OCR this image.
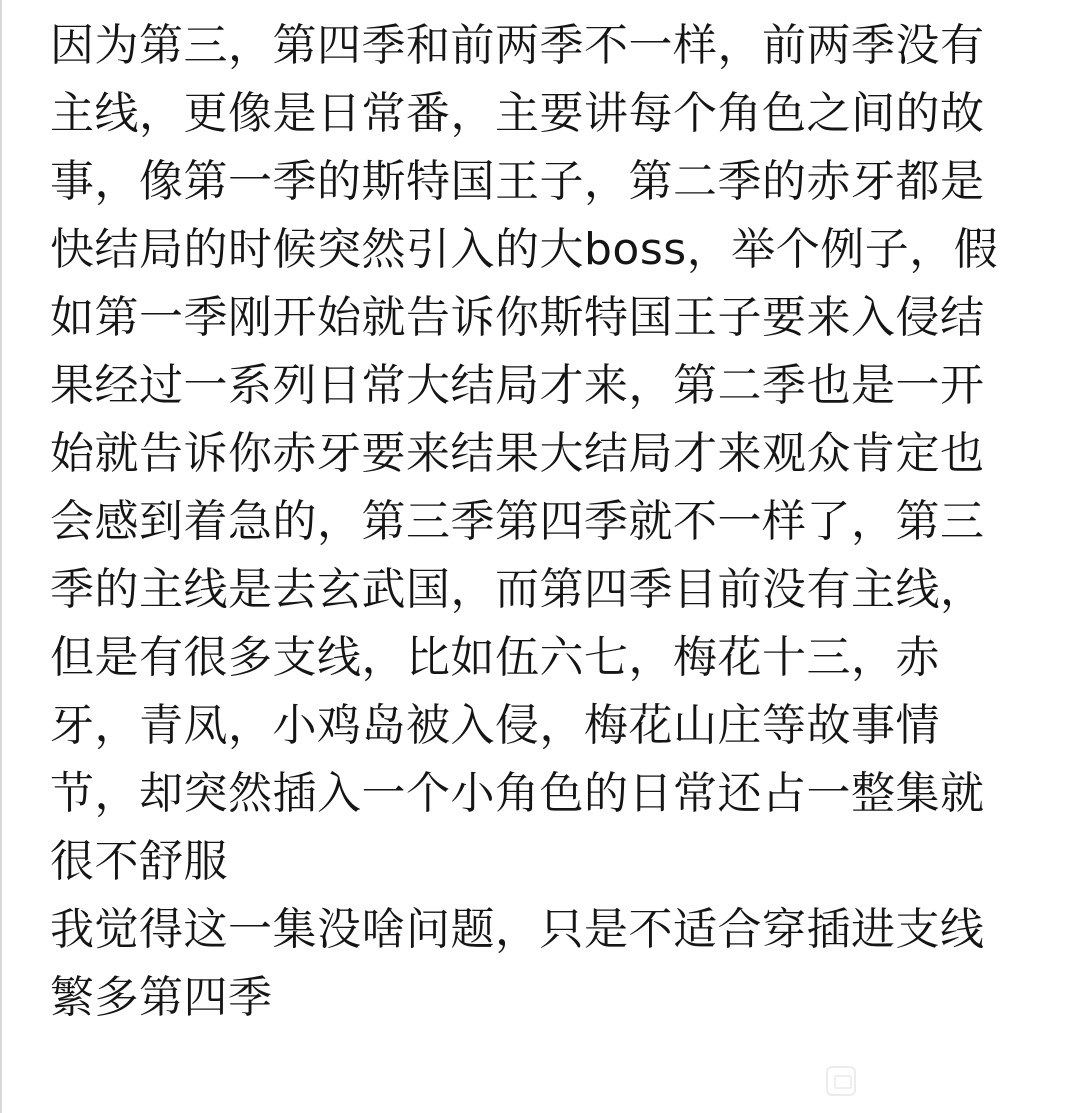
因为第三，第四季和前两季不一样，前两季没有
主线，更像是日常番，主要讲每个角色之间的故
事，像第一季的斯特国王子，第二季的赤牙都是
快结局的时候突然引入的大boss，举个例子，假
如第一季刚开始就告诉你斯特国王子要来入侵结
果经过一系列日常大结局才来，第二季也是一开
始就告诉你赤牙要来结果大结局才来观众肯定也
会感到着急的，第三季第四季就不一样了，第三
季的主线是去玄武国，而第四季目前没有主线，
但是有很多支线，比如伍六七，梅花十三，赤
牙，青凤，小鸡岛被入侵，梅花山庄等故事情
节，却突然插入一个小角色的日常还占一整集就
很不舒服
我觉得这一集没啥问题，只是不适合穿插进支线
繁多第四季
